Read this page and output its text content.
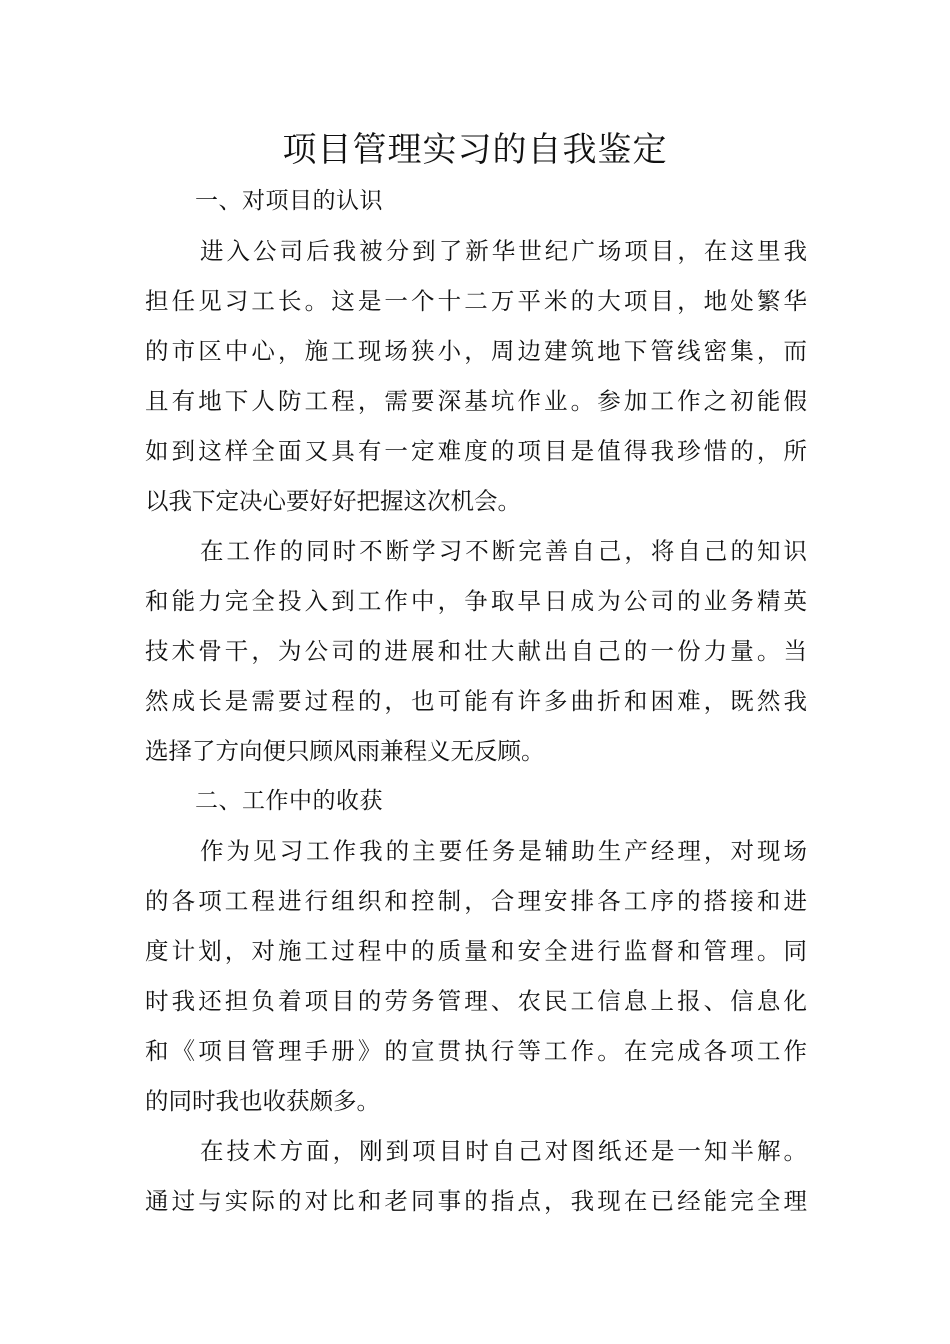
项目管理实习的自我鉴定
一、对项目的认识
进入公司后我被分到了新华世纪广场项目，在这里我
担任见习工长。这是一个十二万平米的大项目，地处繁华
的市区中心，施工现场狭小，周边建筑地下管线密集，而
且有地下人防工程，需要深基坑作业。参加工作之初能假
如到这样全面又具有一定难度的项目是值得我珍惜的，所
以我下定决心要好好把握这次机会。
在工作的同时不断学习不断完善自己，将自己的知识
和能力完全投入到工作中，争取早日成为公司的业务精英
技术骨干，为公司的进展和壮大献出自己的一份力量。当
然成长是需要过程的，也可能有许多曲折和困难，既然我
选择了方向便只顾风雨兼程义无反顾。
二、工作中的收获
作为见习工作我的主要任务是辅助生产经理，对现场
的各项工程进行组织和控制，合理安排各工序的搭接和进
度计划，对施工过程中的质量和安全进行监督和管理。同
时我还担负着项目的劳务管理、农民工信息上报、信息化
和《项目管理手册》的宣贯执行等工作。在完成各项工作
的同时我也收获颇多。
在技术方面，刚到项目时自己对图纸还是一知半解。
通过与实际的对比和老同事的指点，我现在已经能完全理
